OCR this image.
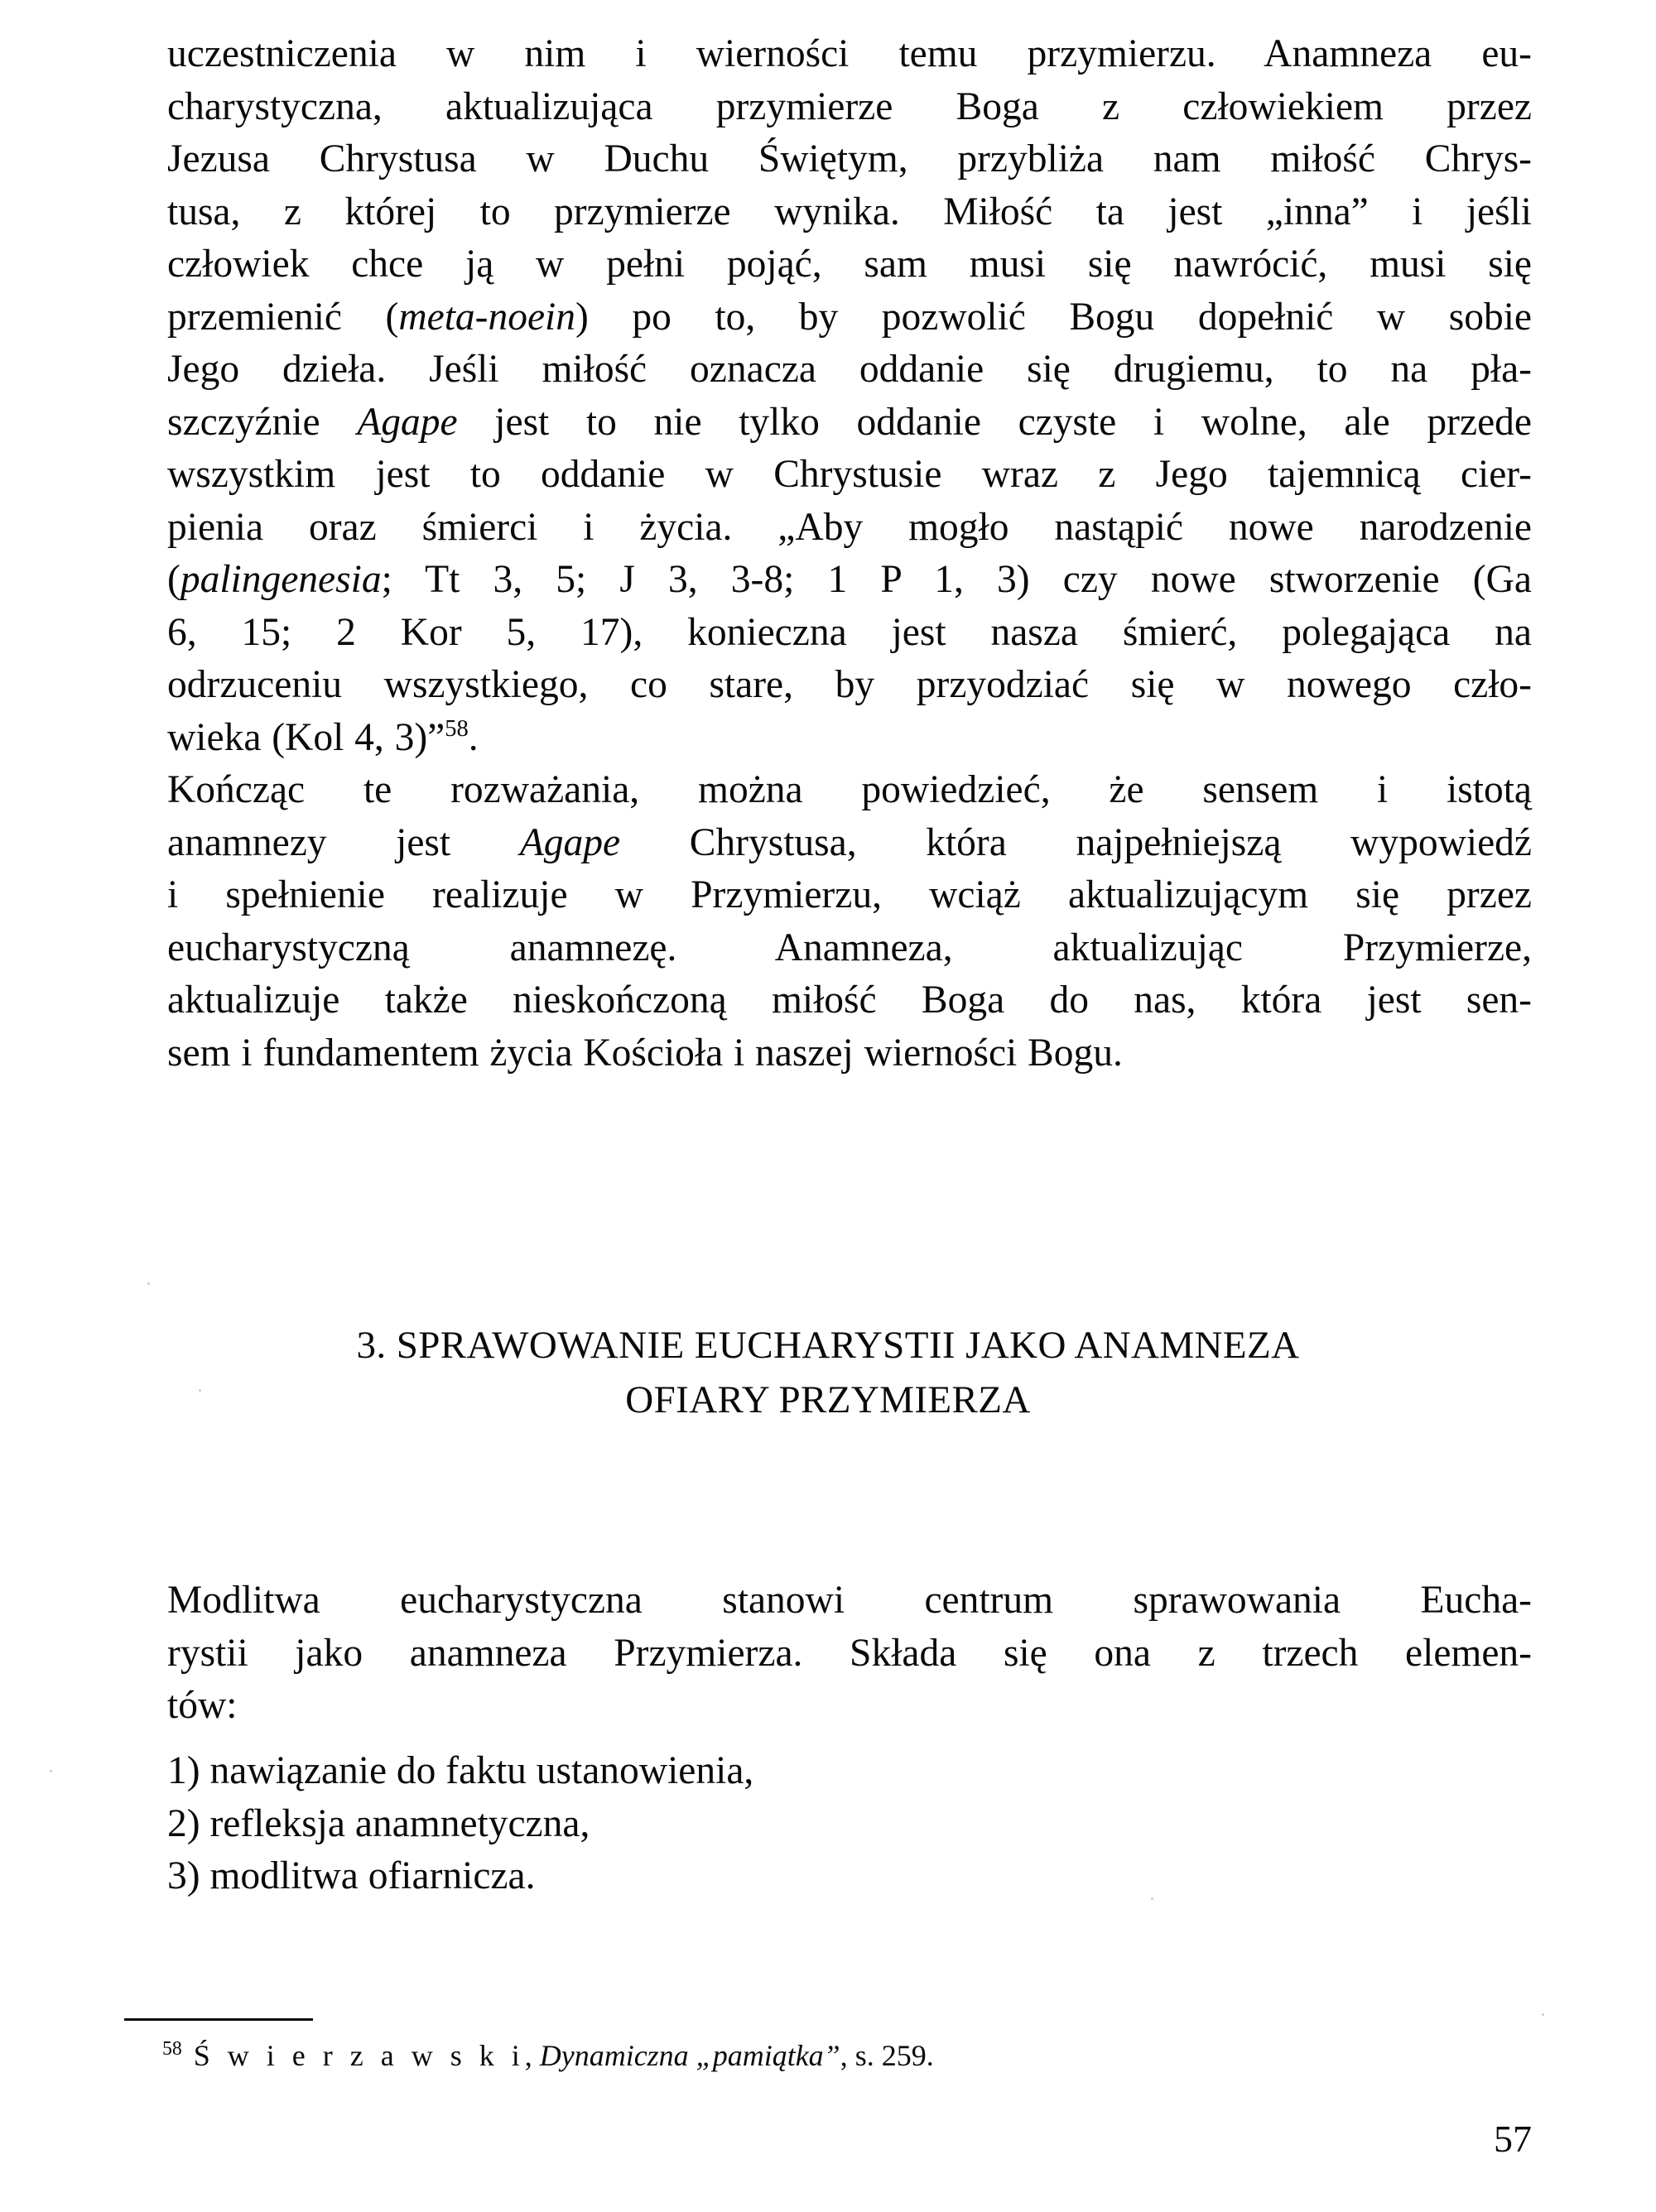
uczestniczenia w nim i wierności temu przymierzu. Anamneza eu-
charystyczna, aktualizująca przymierze Boga z człowiekiem przez
Jezusa Chrystusa w Duchu Świętym, przybliża nam miłość Chrys-
tusa, z której to przymierze wynika. Miłość ta jest „inna” i jeśli
człowiek chce ją w pełni pojąć, sam musi się nawrócić, musi się
przemienić (meta-noein) po to, by pozwolić Bogu dopełnić w sobie
Jego dzieła. Jeśli miłość oznacza oddanie się drugiemu, to na pła-
szczyźnie Agape jest to nie tylko oddanie czyste i wolne, ale przede
wszystkim jest to oddanie w Chrystusie wraz z Jego tajemnicą cier-
pienia oraz śmierci i życia. „Aby mogło nastąpić nowe narodzenie
(palingenesia; Tt 3, 5; J 3, 3-8; 1 P 1, 3) czy nowe stworzenie (Ga
6, 15; 2 Kor 5, 17), konieczna jest nasza śmierć, polegająca na
odrzuceniu wszystkiego, co stare, by przyodziać się w nowego czło-
wieka (Kol 4, 3)”$^{58}$.

Kończąc te rozważania, można powiedzieć, że sensem i istotą
anamnezy jest Agape Chrystusa, która najpełniejszą wypowiedź
i spełnienie realizuje w Przymierzu, wciąż aktualizującym się przez
eucharystyczną anamnezę. Anamneza, aktualizując Przymierze,
aktualizuje także nieskończoną miłość Boga do nas, która jest sen-
sem i fundamentem życia Kościoła i naszej wierności Bogu.

3. SPRAWOWANIE EUCHARYSTII JAKO ANAMNEZA
OFIARY PRZYMIERZA

Modlitwa eucharystyczna stanowi centrum sprawowania Eucha-
rystii jako anamneza Przymierza. Składa się ona z trzech elemen-
tów:

1) nawiązanie do faktu ustanowienia,
2) refleksja anamnetyczna,
3) modlitwa ofiarnicza.
$^{58}$ Ś w i e r z a w s k i, Dynamiczna „pamiątka”, s. 259.
57
